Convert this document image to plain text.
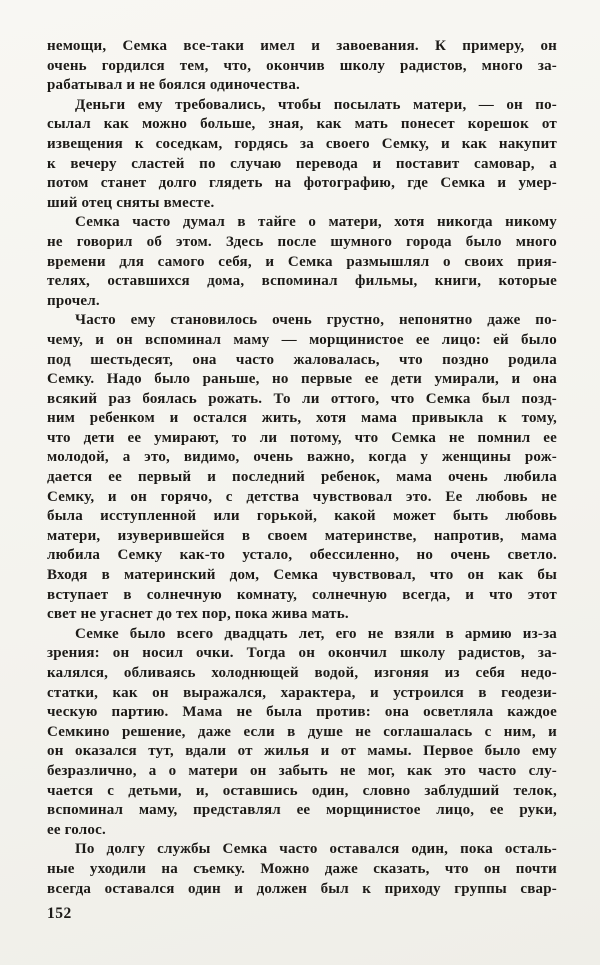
немощи, Семка все-таки имел и завоевания. К примеру, он
очень гордился тем, что, окончив школу радистов, много за-
рабатывал и не боялся одиночества.
Деньги ему требовались, чтобы посылать матери, — он по-
сылал как можно больше, зная, как мать понесет корешок от
извещения к соседкам, гордясь за своего Семку, и как накупит
к вечеру сластей по случаю перевода и поставит самовар, а
потом станет долго глядеть на фотографию, где Семка и умер-
ший отец сняты вместе.
Семка часто думал в тайге о матери, хотя никогда никому
не говорил об этом. Здесь после шумного города было много
времени для самого себя, и Семка размышлял о своих прия-
телях, оставшихся дома, вспоминал фильмы, книги, которые
прочел.
Часто ему становилось очень грустно, непонятно даже по-
чему, и он вспоминал маму — морщинистое ее лицо: ей было
под шестьдесят, она часто жаловалась, что поздно родила
Семку. Надо было раньше, но первые ее дети умирали, и она
всякий раз боялась рожать. То ли оттого, что Семка был позд-
ним ребенком и остался жить, хотя мама привыкла к тому,
что дети ее умирают, то ли потому, что Семка не помнил ее
молодой, а это, видимо, очень важно, когда у женщины рож-
дается ее первый и последний ребенок, мама очень любила
Семку, и он горячо, с детства чувствовал это. Ее любовь не
была исступленной или горькой, какой может быть любовь
матери, изуверившейся в своем материнстве, напротив, мама
любила Семку как-то устало, обессиленно, но очень светло.
Входя в материнский дом, Семка чувствовал, что он как бы
вступает в солнечную комнату, солнечную всегда, и что этот
свет не угаснет до тех пор, пока жива мать.
Семке было всего двадцать лет, его не взяли в армию из-за
зрения: он носил очки. Тогда он окончил школу радистов, за-
калялся, обливаясь холоднющей водой, изгоняя из себя недо-
статки, как он выражался, характера, и устроился в геодези-
ческую партию. Мама не была против: она осветляла каждое
Семкино решение, даже если в душе не соглашалась с ним, и
он оказался тут, вдали от жилья и от мамы. Первое было ему
безразлично, а о матери он забыть не мог, как это часто слу-
чается с детьми, и, оставшись один, словно заблудший телок,
вспоминал маму, представлял ее морщинистое лицо, ее руки,
ее голос.
По долгу службы Семка часто оставался один, пока осталь-
ные уходили на съемку. Можно даже сказать, что он почти
всегда оставался один и должен был к приходу группы свар-
152
